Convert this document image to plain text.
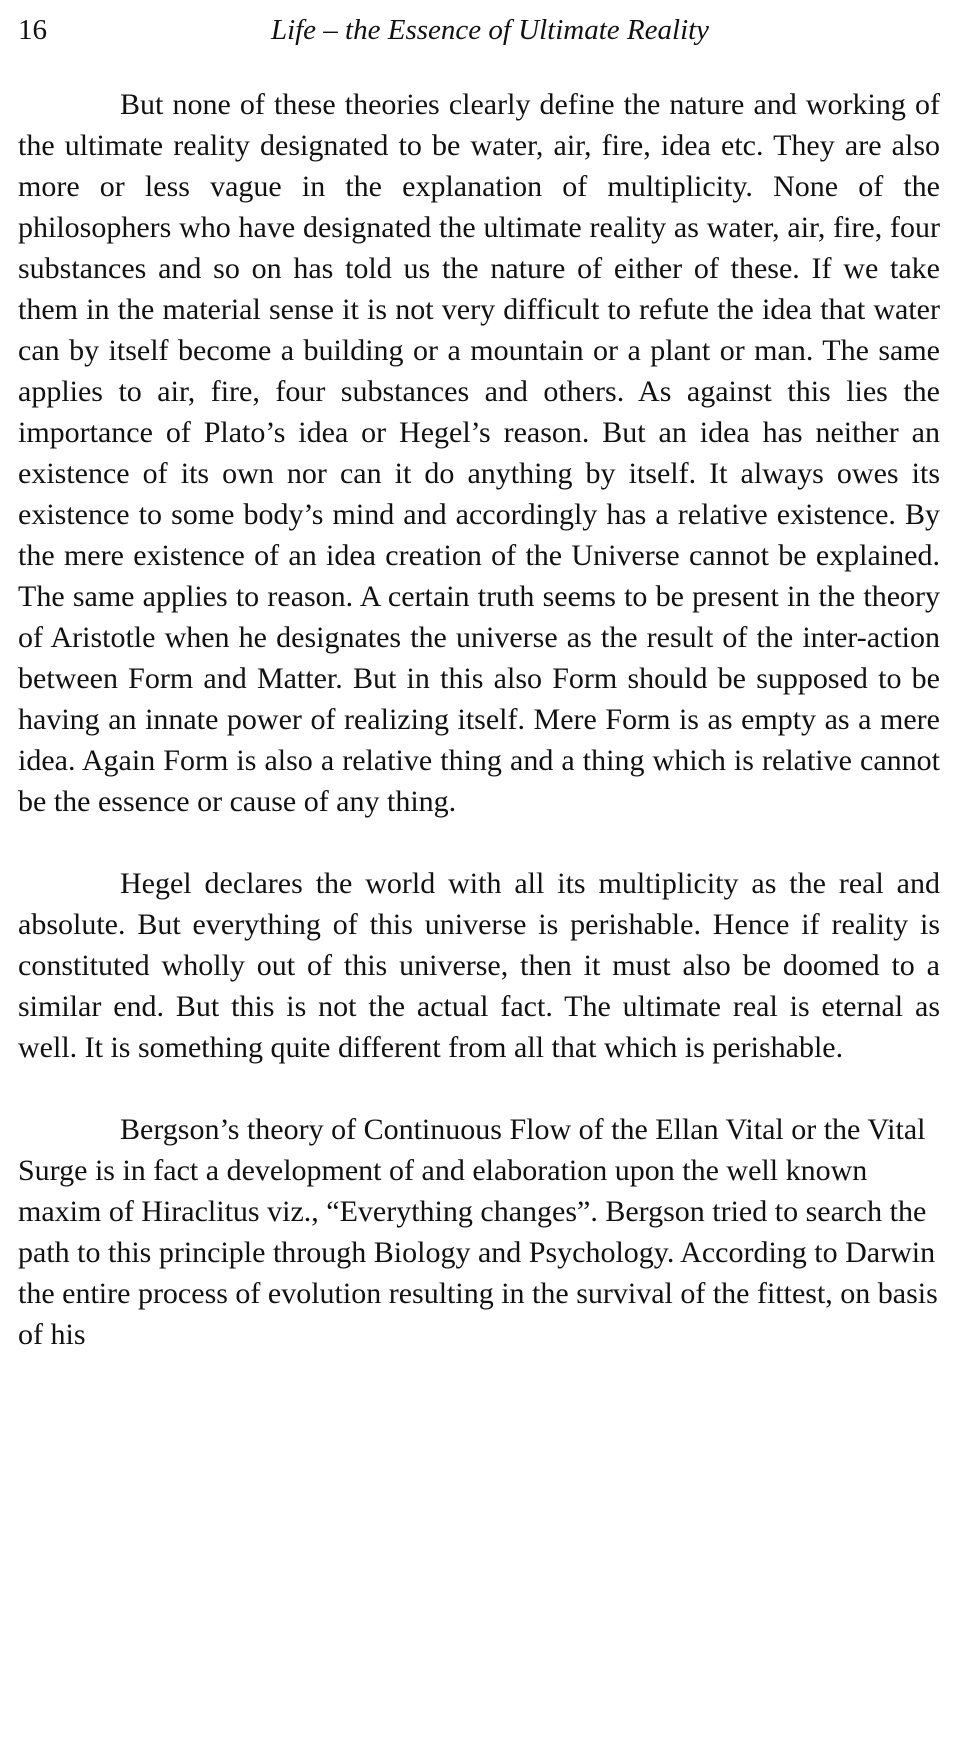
16	Life – the Essence of Ultimate Reality

But none of these theories clearly define the nature and working of the ultimate reality designated to be water, air, fire, idea etc. They are also more or less vague in the explanation of multiplicity. None of the philosophers who have designated the ultimate reality as water, air, fire, four substances and so on has told us the nature of either of these. If we take them in the material sense it is not very difficult to refute the idea that water can by itself become a building or a mountain or a plant or man. The same applies to air, fire, four substances and others. As against this lies the importance of Plato’s idea or Hegel’s reason. But an idea has neither an existence of its own nor can it do anything by itself. It always owes its existence to some body’s mind and accordingly has a relative existence. By the mere existence of an idea creation of the Universe cannot be explained. The same applies to reason. A certain truth seems to be present in the theory of Aristotle when he designates the universe as the result of the inter-action between Form and Matter. But in this also Form should be supposed to be having an innate power of realizing itself. Mere Form is as empty as a mere idea. Again Form is also a relative thing and a thing which is relative cannot be the essence or cause of any thing.

Hegel declares the world with all its multiplicity as the real and absolute. But everything of this universe is perishable. Hence if reality is constituted wholly out of this universe, then it must also be doomed to a similar end. But this is not the actual fact. The ultimate real is eternal as well. It is something quite different from all that which is perishable.

Bergson’s theory of Continuous Flow of the Ellan Vital or the Vital Surge is in fact a development of and elaboration upon the well known maxim of Hiraclitus viz., “Everything changes”. Bergson tried to search the path to this principle through Biology and Psychology. According to Darwin the entire process of evolution resulting in the survival of the fittest, on basis of his
